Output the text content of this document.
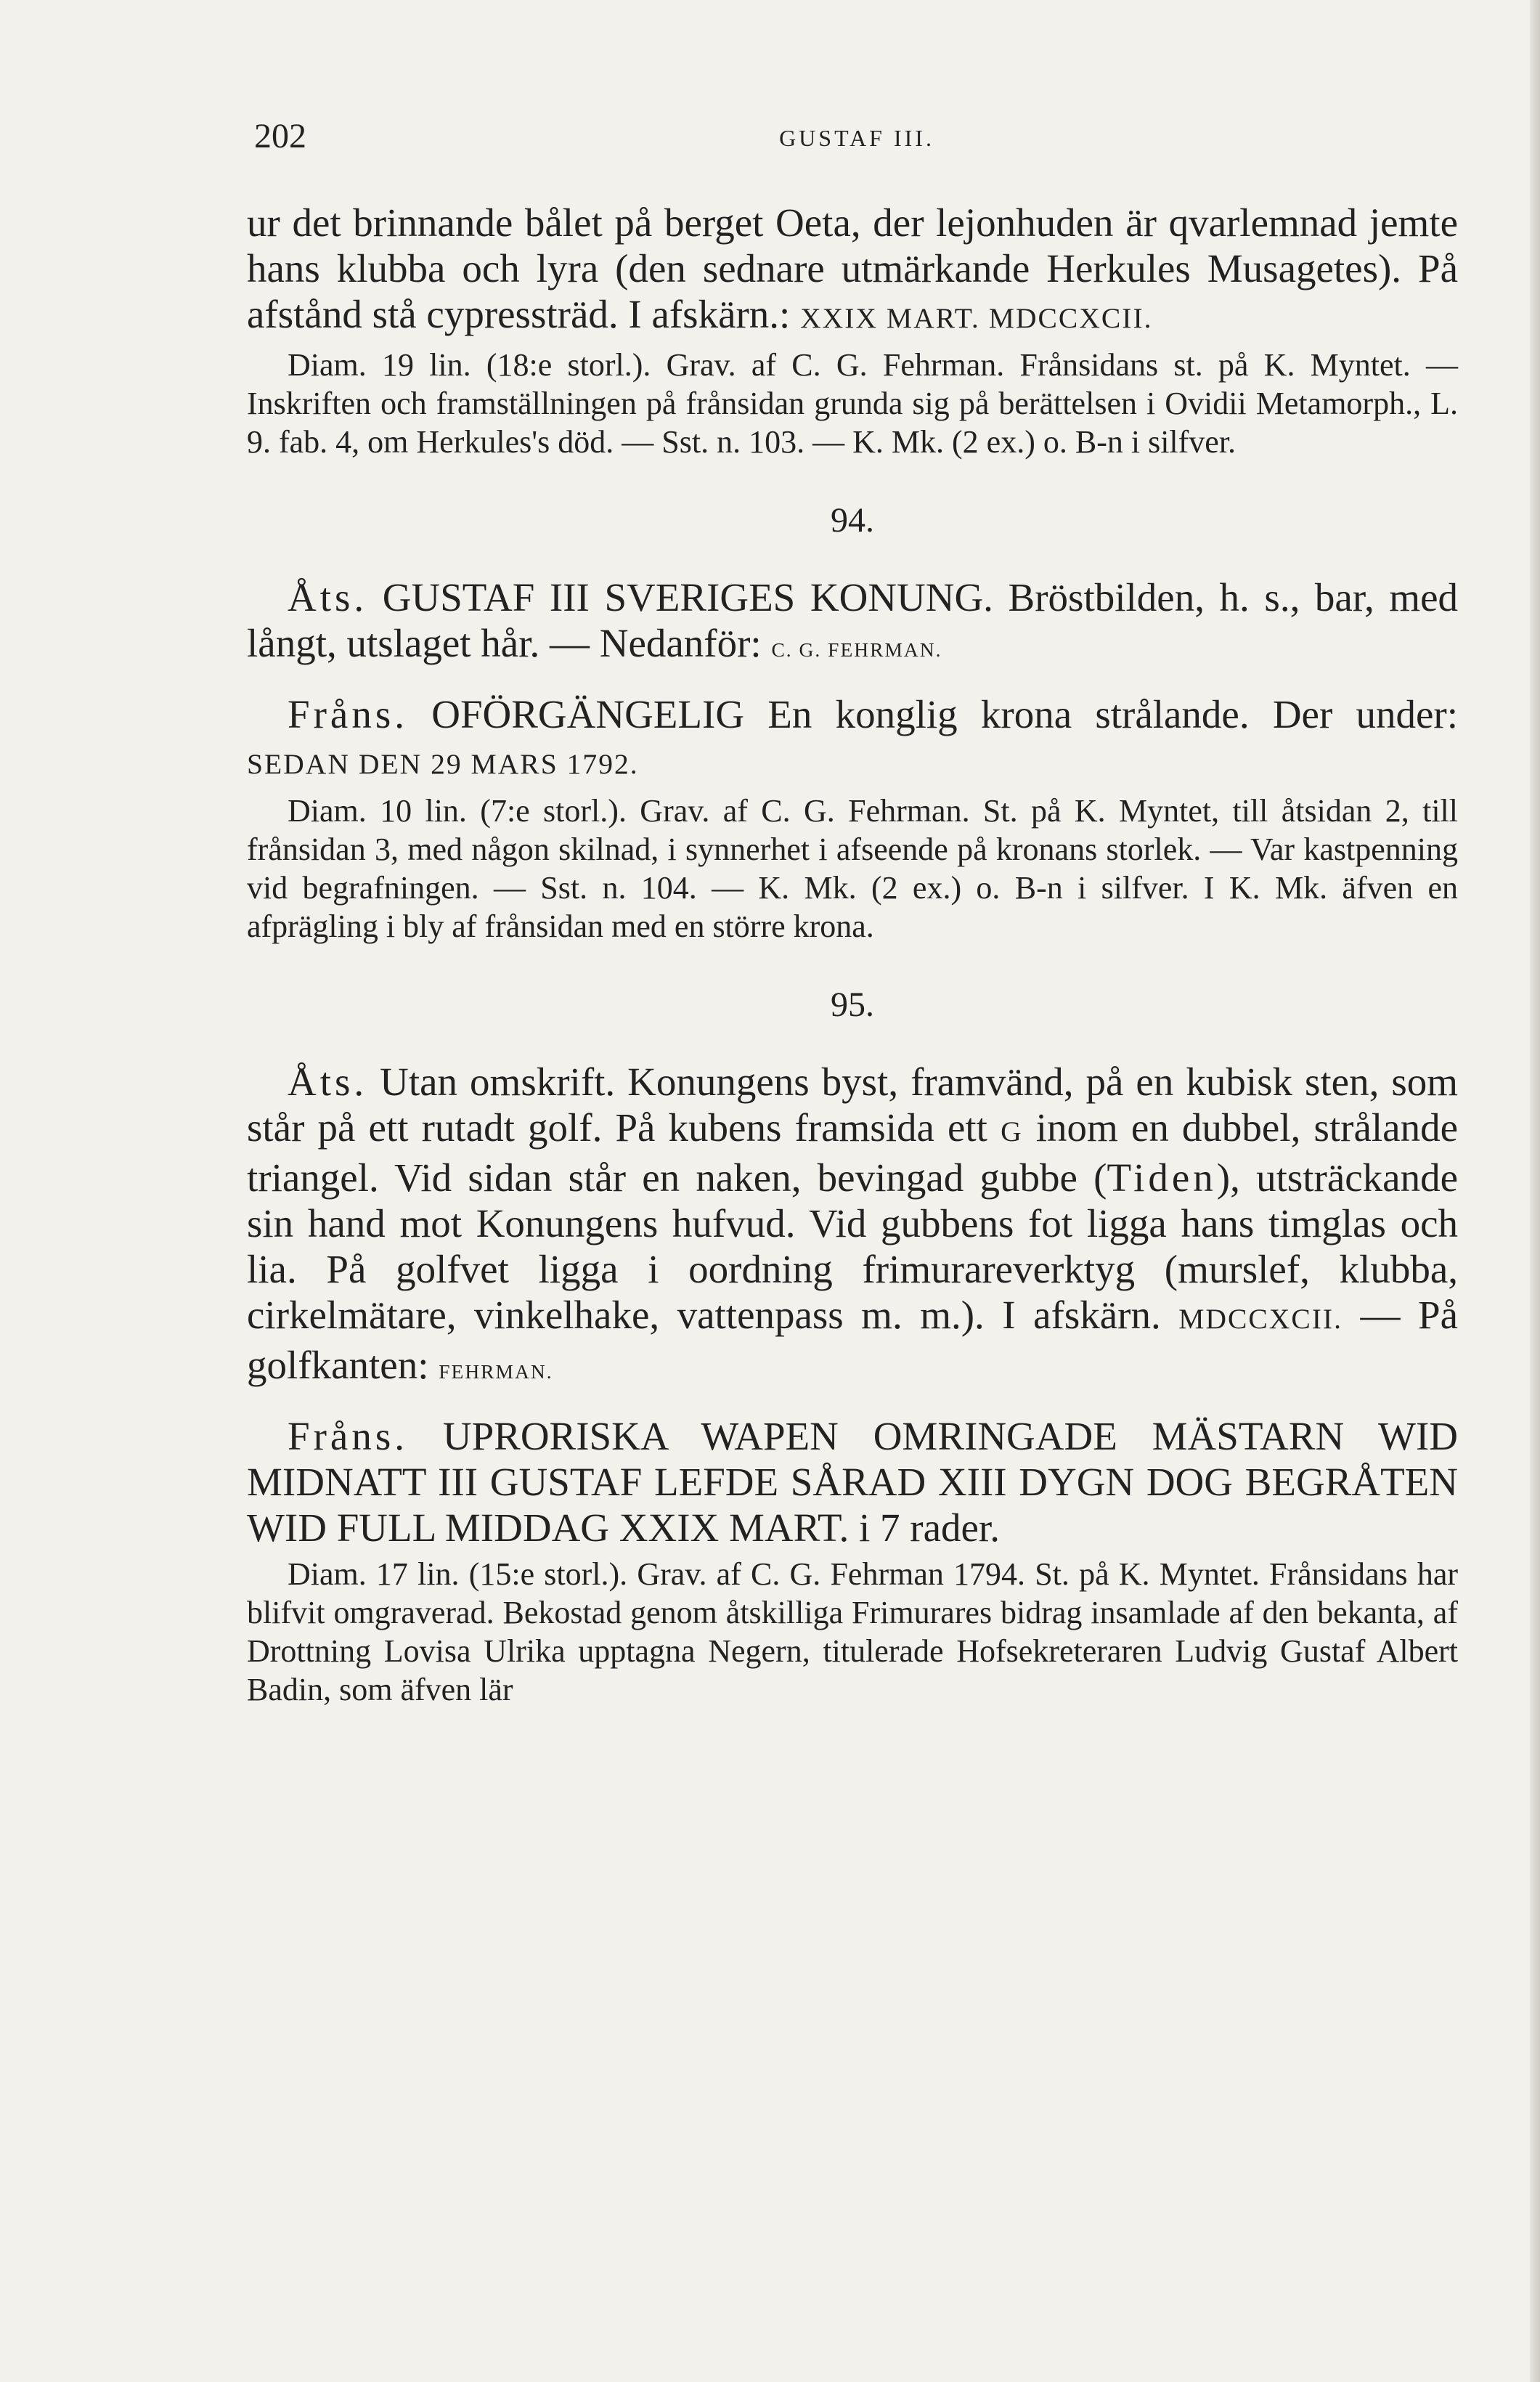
202	GUSTAF III.

ur det brinnande bålet på berget Oeta, der lejonhuden är qvarlemnad jemte hans klubba och lyra (den sednare utmärkande Herkules Musagetes). På afstånd stå cypressträd. I afskärn.: XXIX MART. MDCCXCII.

Diam. 19 lin. (18:e storl.). Grav. af C. G. Fehrman. Frånsidans st. på K. Myntet. — Inskriften och framställningen på frånsidan grunda sig på berättelsen i Ovidii Metamorph., L. 9. fab. 4, om Herkules's död. — Sst. n. 103. — K. Mk. (2 ex.) o. B-n i silfver.

94.

Åts. GUSTAF III SVERIGES KONUNG. Bröstbilden, h. s., bar, med långt, utslaget hår. — Nedanför: C. G. FEHRMAN.

Fråns. OFÖRGÄNGELIG En konglig krona strålande. Der under: SEDAN DEN 29 MARS 1792.

Diam. 10 lin. (7:e storl.). Grav. af C. G. Fehrman. St. på K. Myntet, till åtsidan 2, till frånsidan 3, med någon skilnad, i synnerhet i afseende på kronans storlek. — Var kastpenning vid begrafningen. — Sst. n. 104. — K. Mk. (2 ex.) o. B-n i silfver. I K. Mk. äfven en afprägling i bly af frånsidan med en större krona.

95.

Åts. Utan omskrift. Konungens byst, framvänd, på en kubisk sten, som står på ett rutadt golf. På kubens framsida ett G inom en dubbel, strålande triangel. Vid sidan står en naken, bevingad gubbe (Tiden), utsträckande sin hand mot Konungens hufvud. Vid gubbens fot ligga hans timglas och lia. På golfvet ligga i oordning frimurareverktyg (murslef, klubba, cirkelmätare, vinkelhake, vattenpass m. m.). I afskärn. MDCCXCII. — På golfkanten: FEHRMAN.

Fråns. UPRORISKA WAPEN OMRINGADE MÄSTARN WID MIDNATT III GUSTAF LEFDE SÅRAD XIII DYGN DOG BEGRÅTEN WID FULL MIDDAG XXIX MART. i 7 rader.

Diam. 17 lin. (15:e storl.). Grav. af C. G. Fehrman 1794. St. på K. Myntet. Frånsidans har blifvit omgraverad. Bekostad genom åtskilliga Frimurares bidrag insamlade af den bekanta, af Drottning Lovisa Ulrika upptagna Negern, titulerade Hofsekreteraren Ludvig Gustaf Albert Badin, som äfven lär
